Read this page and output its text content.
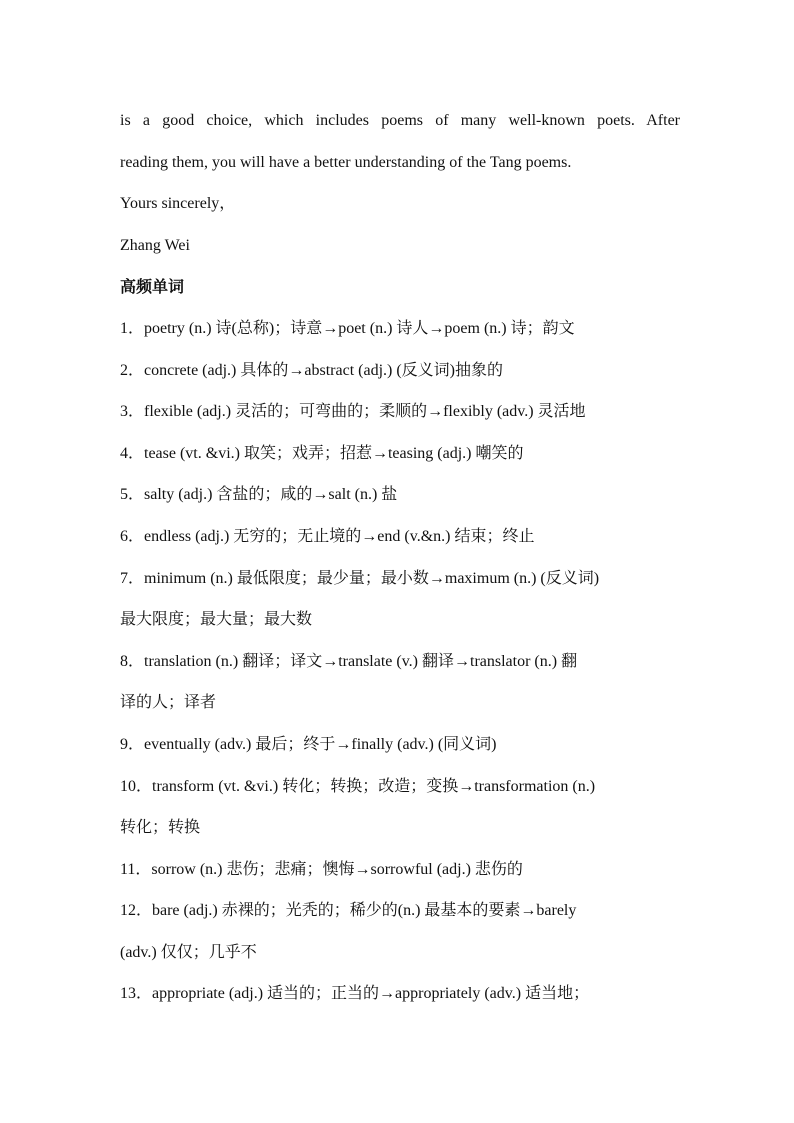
is a good choice, which includes poems of many well-known poets. After
reading them, you will have a better understanding of the Tang poems.
Yours sincerely，
Zhang Wei
高频单词
1．poetry (n.) 诗(总称)；诗意→poet (n.) 诗人→poem (n.) 诗；韵文
2．concrete (adj.) 具体的→abstract (adj.) (反义词)抽象的
3．flexible (adj.) 灵活的；可弯曲的；柔顺的→flexibly (adv.) 灵活地
4．tease (vt. &vi.) 取笑；戏弄；招惹→teasing (adj.) 嘲笑的
5．salty (adj.) 含盐的；咸的→salt (n.) 盐
6．endless (adj.) 无穷的；无止境的→end (v.&n.) 结束；终止
7．minimum (n.) 最低限度；最少量；最小数→maximum (n.) (反义词)
最大限度；最大量；最大数
8．translation (n.) 翻译；译文→translate (v.) 翻译→translator (n.) 翻
译的人；译者
9．eventually (adv.) 最后；终于→finally (adv.) (同义词)
10．transform (vt. &vi.) 转化；转换；改造；变换→transformation (n.)
转化；转换
11．sorrow (n.) 悲伤；悲痛；懊悔→sorrowful (adj.) 悲伤的
12．bare (adj.) 赤裸的；光秃的；稀少的(n.) 最基本的要素→barely
(adv.) 仅仅；几乎不
13．appropriate (adj.) 适当的；正当的→appropriately (adv.) 适当地；
